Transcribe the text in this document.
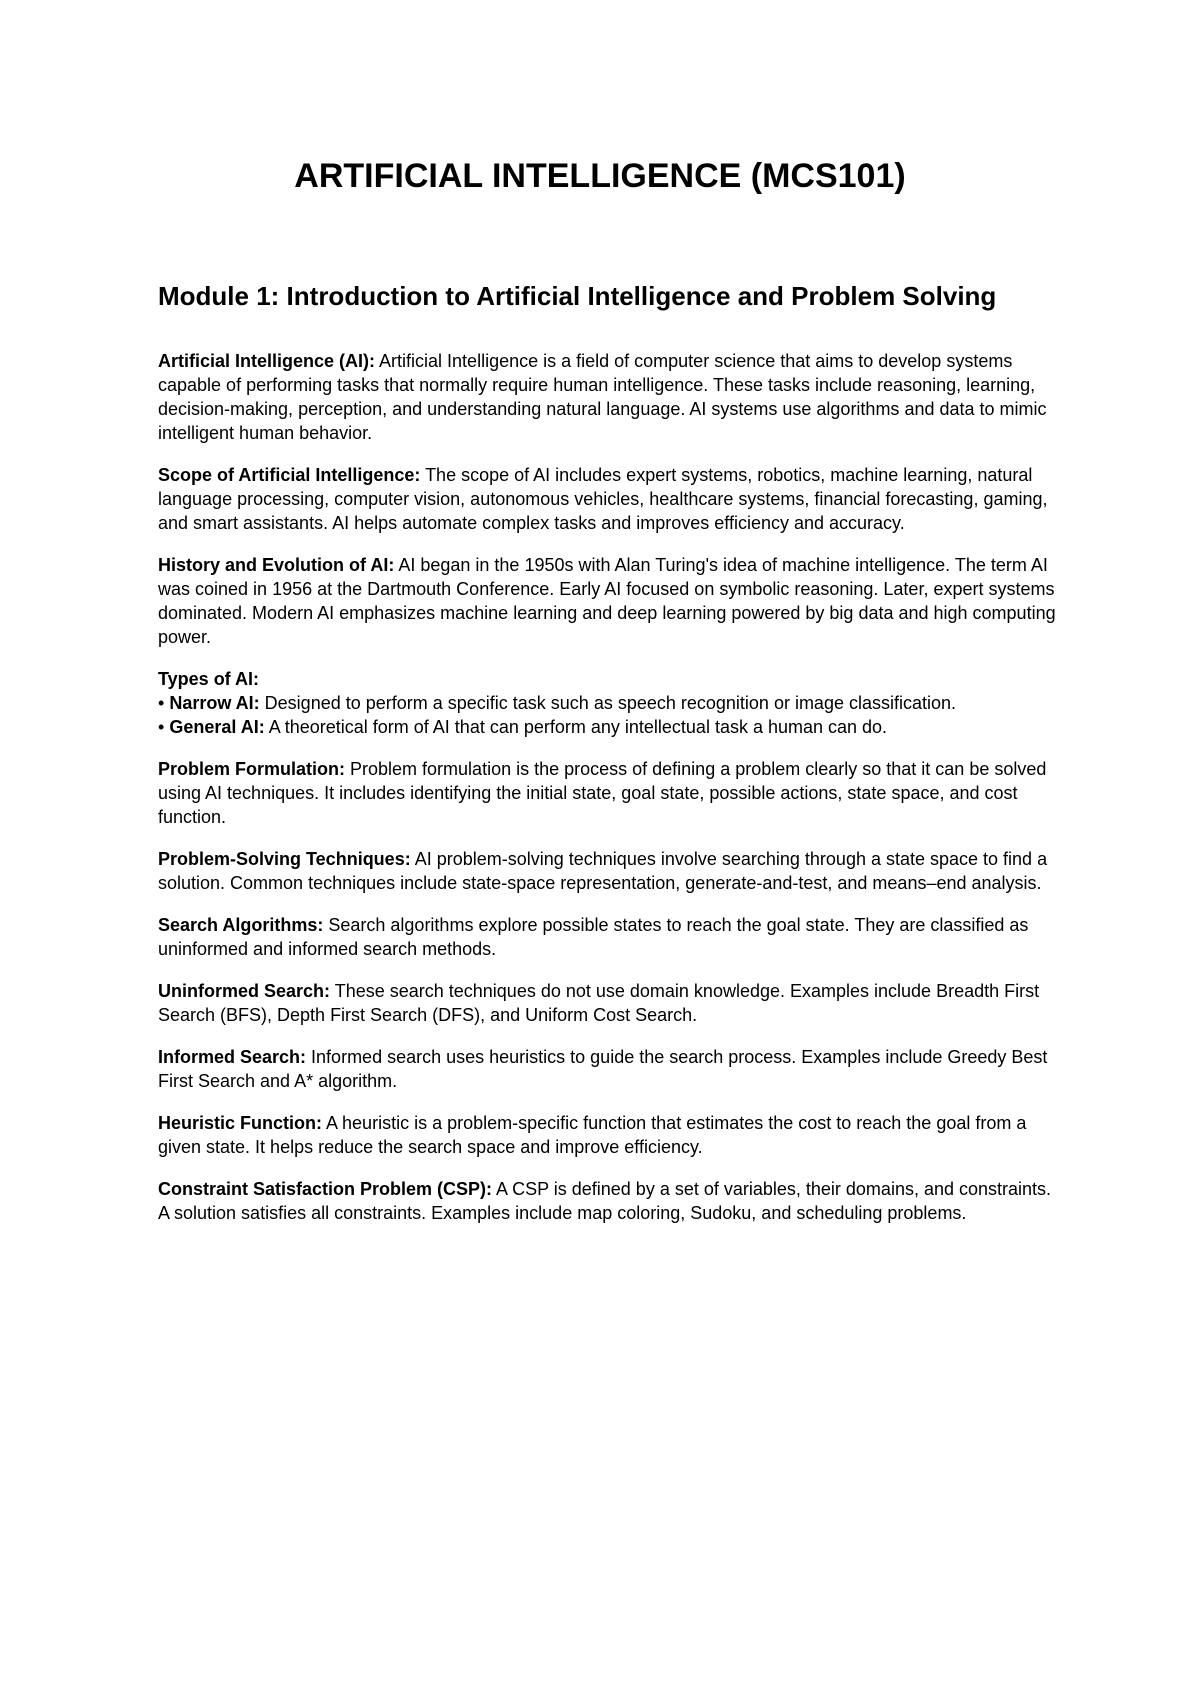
ARTIFICIAL INTELLIGENCE (MCS101)
Module 1: Introduction to Artificial Intelligence and Problem Solving

Artificial Intelligence (AI): Artificial Intelligence is a field of computer science that aims to develop systems capable of performing tasks that normally require human intelligence. These tasks include reasoning, learning, decision-making, perception, and understanding natural language. AI systems use algorithms and data to mimic intelligent human behavior.

Scope of Artificial Intelligence: The scope of AI includes expert systems, robotics, machine learning, natural language processing, computer vision, autonomous vehicles, healthcare systems, financial forecasting, gaming, and smart assistants. AI helps automate complex tasks and improves efficiency and accuracy.

History and Evolution of AI: AI began in the 1950s with Alan Turing's idea of machine intelligence. The term AI was coined in 1956 at the Dartmouth Conference. Early AI focused on symbolic reasoning. Later, expert systems dominated. Modern AI emphasizes machine learning and deep learning powered by big data and high computing power.

Types of AI:
• Narrow AI: Designed to perform a specific task such as speech recognition or image classification.
• General AI: A theoretical form of AI that can perform any intellectual task a human can do.

Problem Formulation: Problem formulation is the process of defining a problem clearly so that it can be solved using AI techniques. It includes identifying the initial state, goal state, possible actions, state space, and cost function.

Problem-Solving Techniques: AI problem-solving techniques involve searching through a state space to find a solution. Common techniques include state-space representation, generate-and-test, and means–end analysis.

Search Algorithms: Search algorithms explore possible states to reach the goal state. They are classified as uninformed and informed search methods.

Uninformed Search: These search techniques do not use domain knowledge. Examples include Breadth First Search (BFS), Depth First Search (DFS), and Uniform Cost Search.

Informed Search: Informed search uses heuristics to guide the search process. Examples include Greedy Best First Search and A* algorithm.

Heuristic Function: A heuristic is a problem-specific function that estimates the cost to reach the goal from a given state. It helps reduce the search space and improve efficiency.

Constraint Satisfaction Problem (CSP): A CSP is defined by a set of variables, their domains, and constraints. A solution satisfies all constraints. Examples include map coloring, Sudoku, and scheduling problems.
